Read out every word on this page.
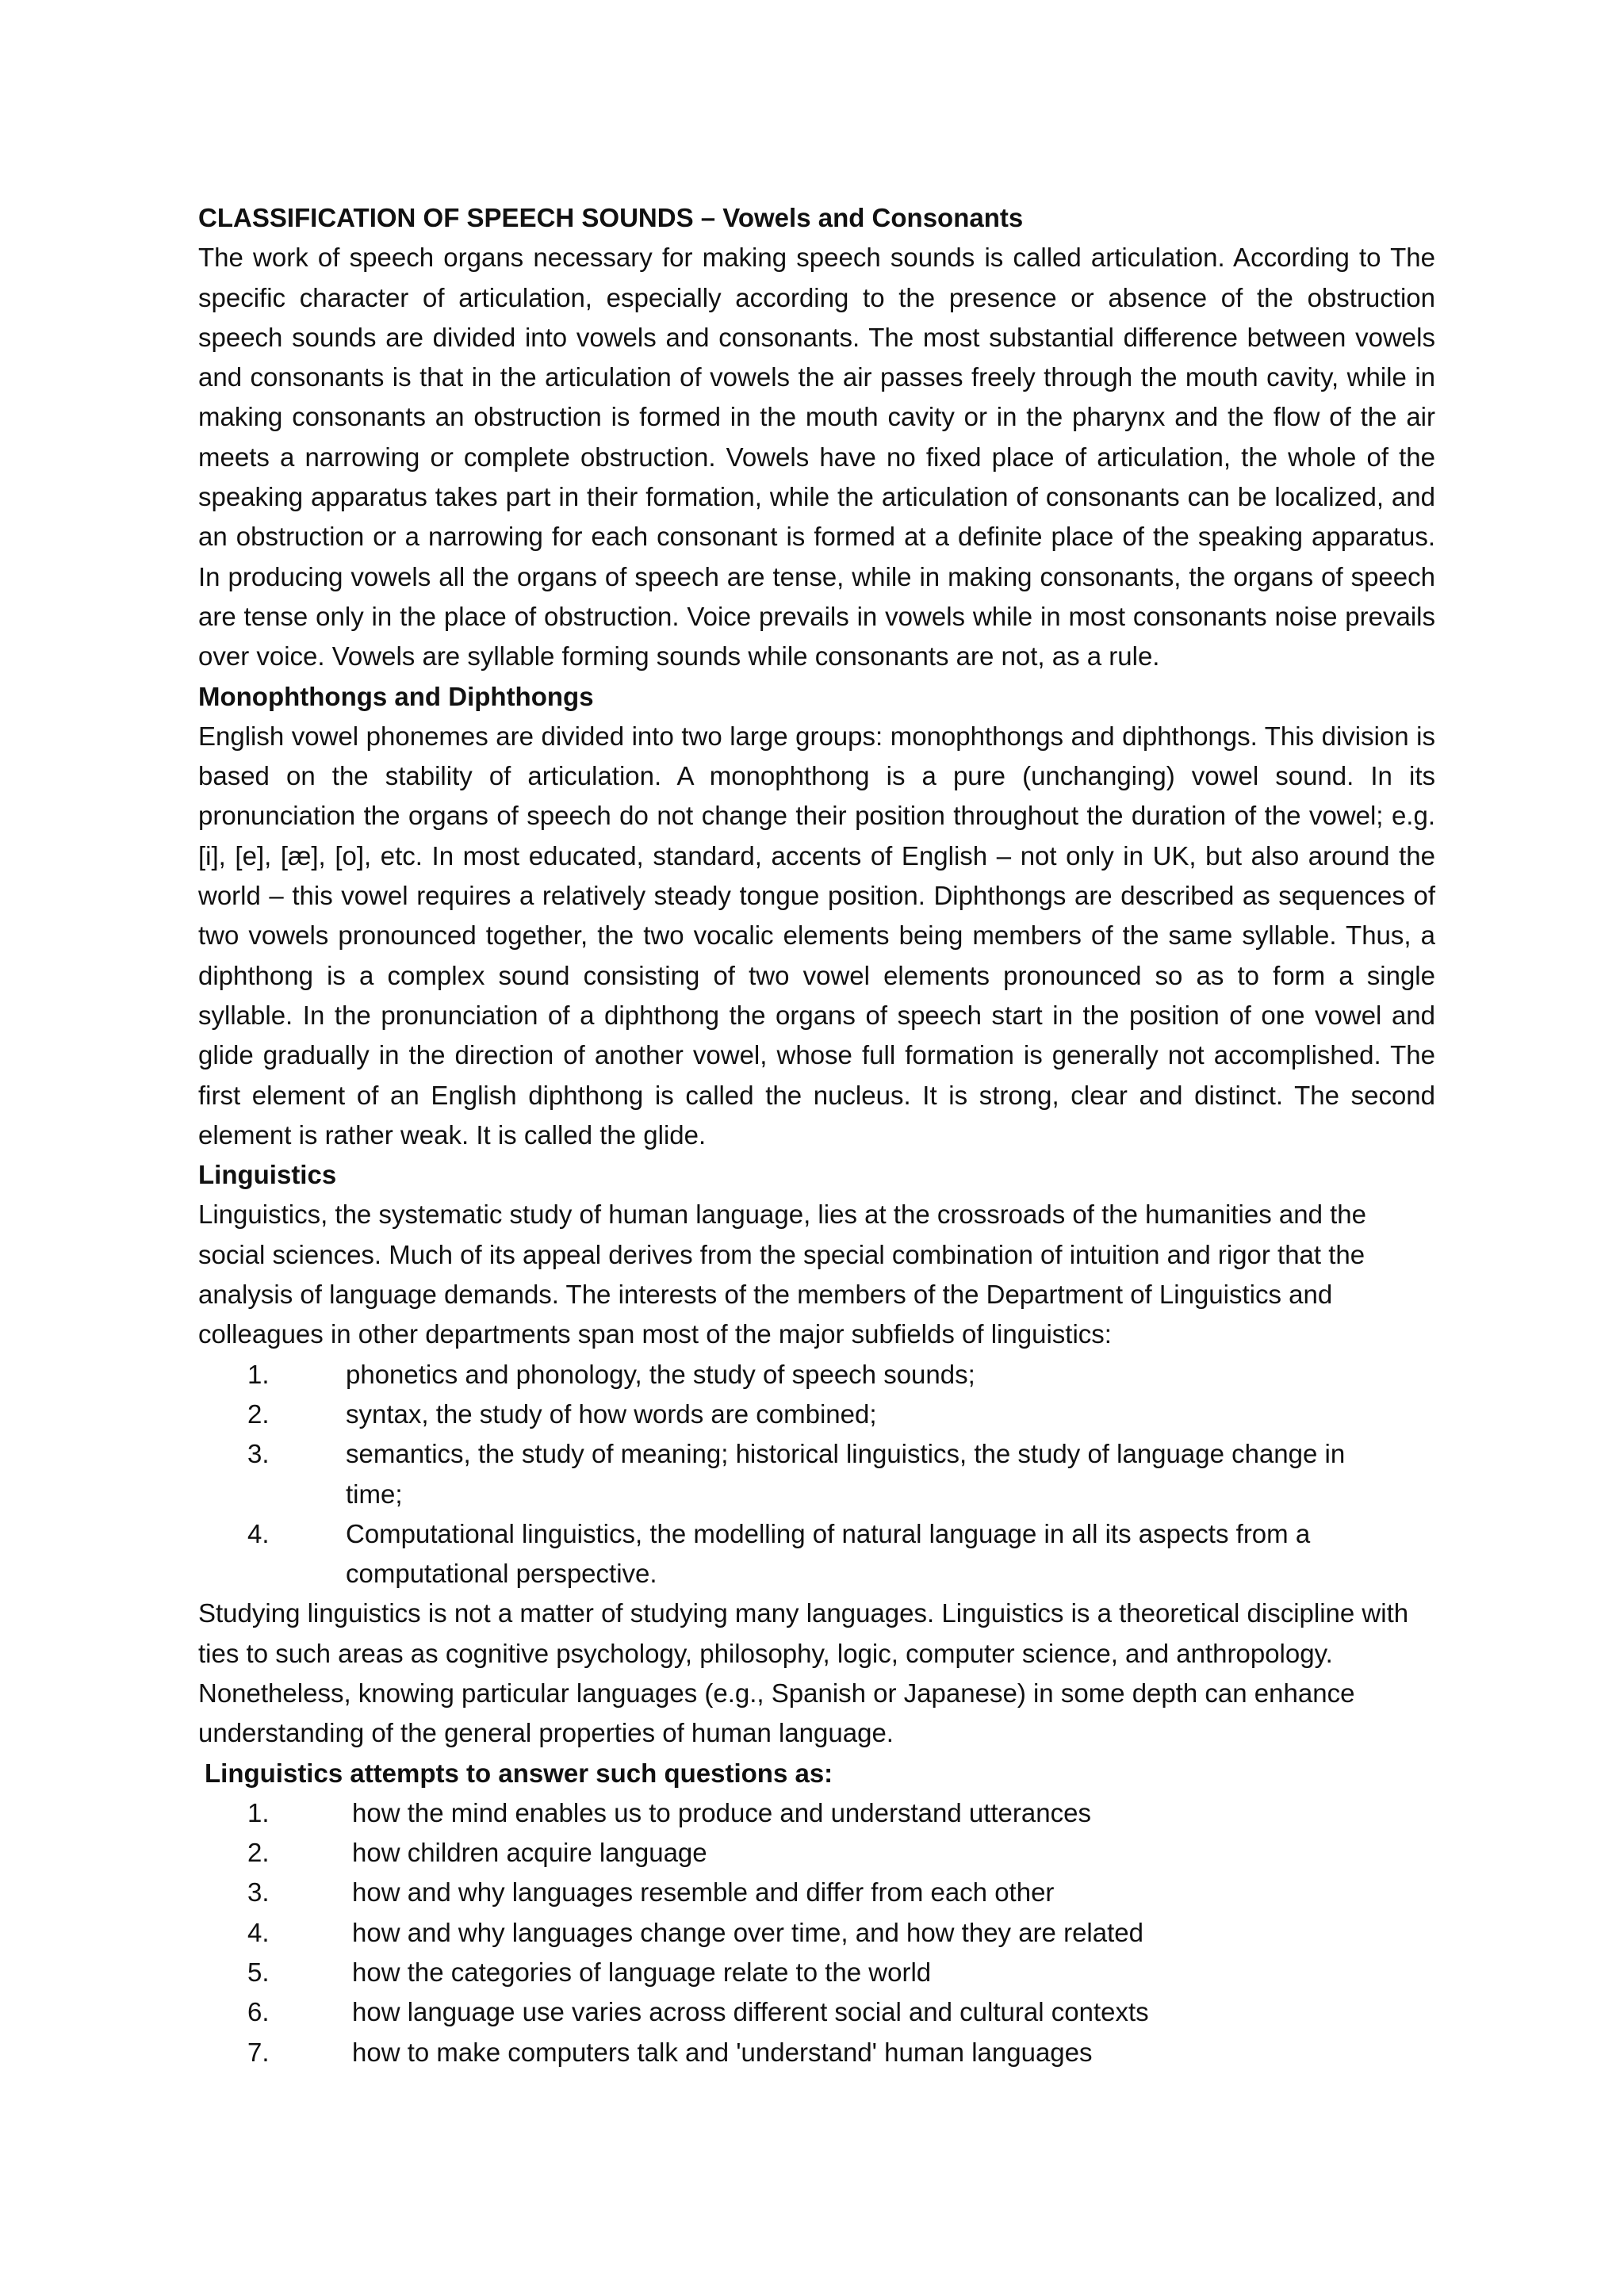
CLASSIFICATION OF SPEECH SOUNDS – Vowels and Consonants

The work of speech organs necessary for making speech sounds is called articulation. According to The specific character of articulation, especially according to the presence or absence of the obstruction speech sounds are divided into vowels and consonants. The most substantial difference between vowels and consonants is that in the articulation of vowels the air passes freely through the mouth cavity, while in making consonants an obstruction is formed in the mouth cavity or in the pharynx and the flow of the air meets a narrowing or complete obstruction. Vowels have no fixed place of articulation, the whole of the speaking apparatus takes part in their formation, while the articulation of consonants can be localized, and an obstruction or a narrowing for each consonant is formed at a definite place of the speaking apparatus. In producing vowels all the organs of speech are tense, while in making consonants, the organs of speech are tense only in the place of obstruction. Voice prevails in vowels while in most consonants noise prevails over voice. Vowels are syllable forming sounds while consonants are not, as a rule.

Monophthongs and Diphthongs

English vowel phonemes are divided into two large groups: monophthongs and diphthongs. This division is based on the stability of articulation. A monophthong is a pure (unchanging) vowel sound. In its pronunciation the organs of speech do not change their position throughout the duration of the vowel; e.g. [i], [e], [æ], [o], etc. In most educated, standard, accents of English – not only in UK, but also around the world – this vowel requires a relatively steady tongue position. Diphthongs are described as sequences of two vowels pronounced together, the two vocalic elements being members of the same syllable. Thus, a diphthong is a complex sound consisting of two vowel elements pronounced so as to form a single syllable. In the pronunciation of a diphthong the organs of speech start in the position of one vowel and glide gradually in the direction of another vowel, whose full formation is generally not accomplished. The first element of an English diphthong is called the nucleus. It is strong, clear and distinct. The second element is rather weak. It is called the glide.

Linguistics

Linguistics, the systematic study of human language, lies at the crossroads of the humanities and the social sciences. Much of its appeal derives from the special combination of intuition and rigor that the analysis of language demands. The interests of the members of the Department of Linguistics and colleagues in other departments span most of the major subfields of linguistics:

1.	phonetics and phonology, the study of speech sounds;
2.	syntax, the study of how words are combined;
3.	semantics, the study of meaning; historical linguistics, the study of language change in time;
4.	Computational linguistics, the modelling of natural language in all its aspects from a computational perspective.

Studying linguistics is not a matter of studying many languages. Linguistics is a theoretical discipline with ties to such areas as cognitive psychology, philosophy, logic, computer science, and anthropology. Nonetheless, knowing particular languages (e.g., Spanish or Japanese) in some depth can enhance understanding of the general properties of human language.

Linguistics attempts to answer such questions as:
1.	how the mind enables us to produce and understand utterances
2.	how children acquire language
3.	how and why languages resemble and differ from each other
4.	how and why languages change over time, and how they are related
5.	how the categories of language relate to the world
6.	how language use varies across different social and cultural contexts
7.	how to make computers talk and 'understand' human languages
